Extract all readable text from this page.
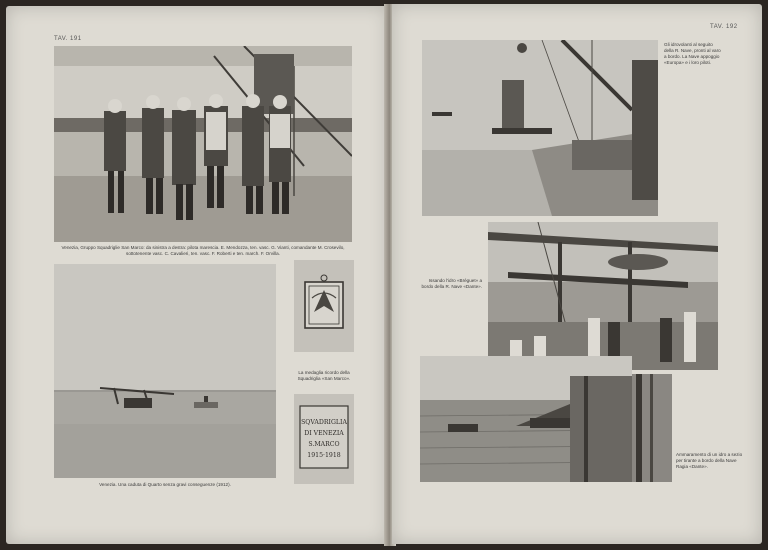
TAV. 191
Venezia, Gruppo Squadriglie San Marco: da sinistra a destra: pilota marescia. E. Mendozza, ten. vasc. G. Vianti, comandante M. Crosevilo, sottotenente vasc. C. Cavalieri, ten. vasc. F. Roberti e ten. march. F. Orvilla.
Venezia. Una caduta di Quarto senza gravi conseguenze (1912).
La medaglia ricordo della Squadriglia «San Marco».
SQVADRIGLIA
DI VENEZIA
S.MARCO
1915·1918
TAV. 192
Gli idrovolanti al seguito della R. Nave, pronti al varo a bordo. La Nave appoggio «Europa» e i loro piloti.
Issando l'idro «Bréguet» a bordo della R. Nave «Dante».
Ammaramento di un idro a sezio per tirante a bordo della Nave Ragia «Dante».
